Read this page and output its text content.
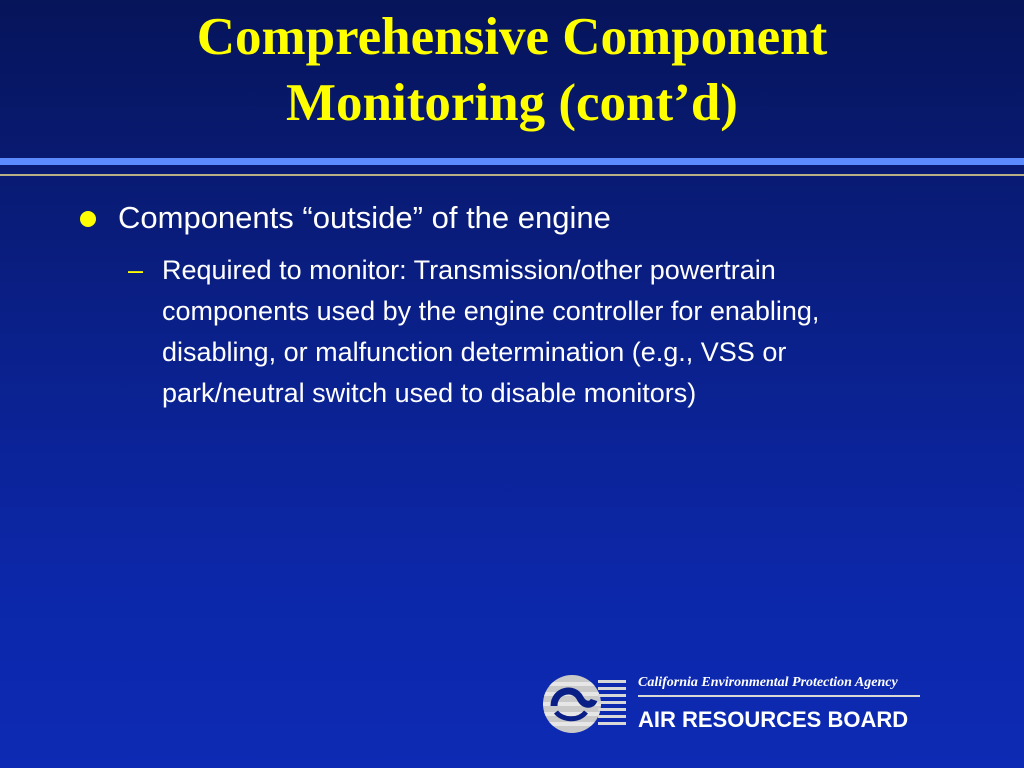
Comprehensive Component
Monitoring (cont’d)
Components “outside” of the engine
– Required to monitor: Transmission/other powertrain components used by the engine controller for enabling, disabling, or malfunction determination (e.g., VSS or park/neutral switch used to disable monitors)
California Environmental Protection Agency
AIR RESOURCES BOARD
